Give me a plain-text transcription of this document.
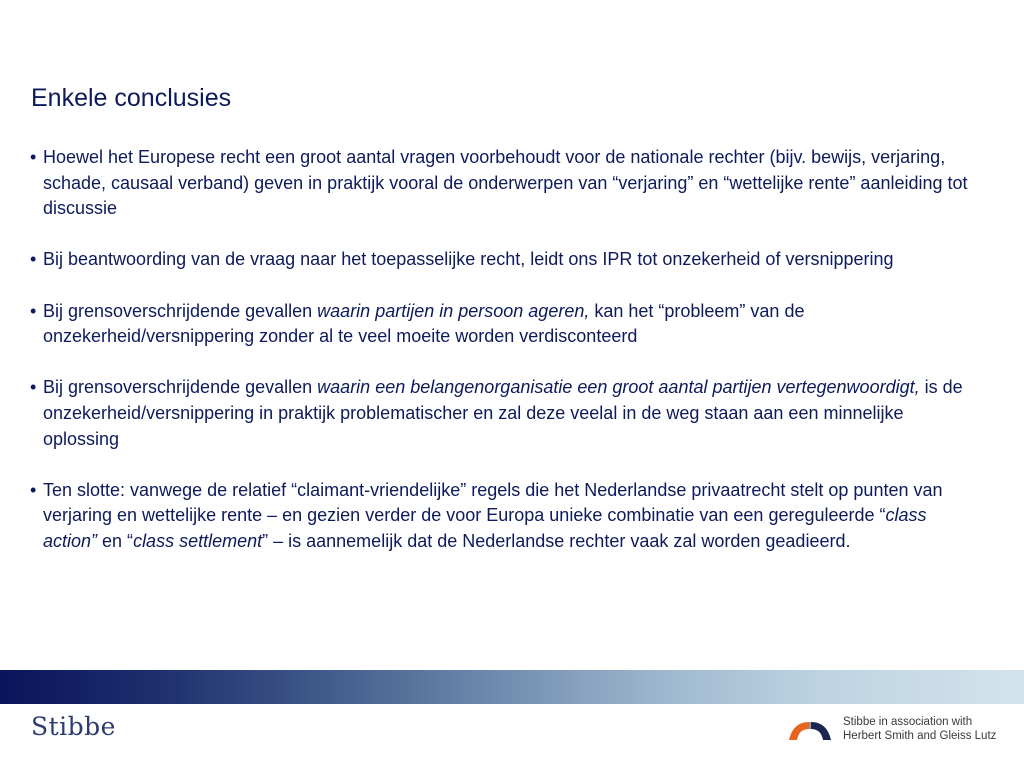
Enkele conclusies
• Hoewel het Europese recht een groot aantal vragen voorbehoudt voor de nationale rechter (bijv. bewijs, verjaring, schade, causaal verband) geven in praktijk vooral de onderwerpen van “verjaring” en “wettelijke rente” aanleiding tot discussie
• Bij beantwoording van de vraag naar het toepasselijke recht, leidt ons IPR tot onzekerheid of versnippering
• Bij grensoverschrijdende gevallen waarin partijen in persoon ageren, kan het “probleem” van de onzekerheid/versnippering zonder al te veel moeite worden verdisconteerd
• Bij grensoverschrijdende gevallen waarin een belangenorganisatie een groot aantal partijen vertegenwoordigt, is de onzekerheid/versnippering in praktijk problematischer en zal deze veelal in de weg staan aan een minnelijke oplossing
• Ten slotte: vanwege de relatief “claimant-vriendelijke” regels die het Nederlandse privaatrecht stelt op punten van verjaring en wettelijke rente – en gezien verder de voor Europa unieke combinatie van een gereguleerde “class action” en “class settlement” – is aannemelijk dat de Nederlandse rechter vaak zal worden geadieerd.
Stibbe	Stibbe in association with
Herbert Smith and Gleiss Lutz
